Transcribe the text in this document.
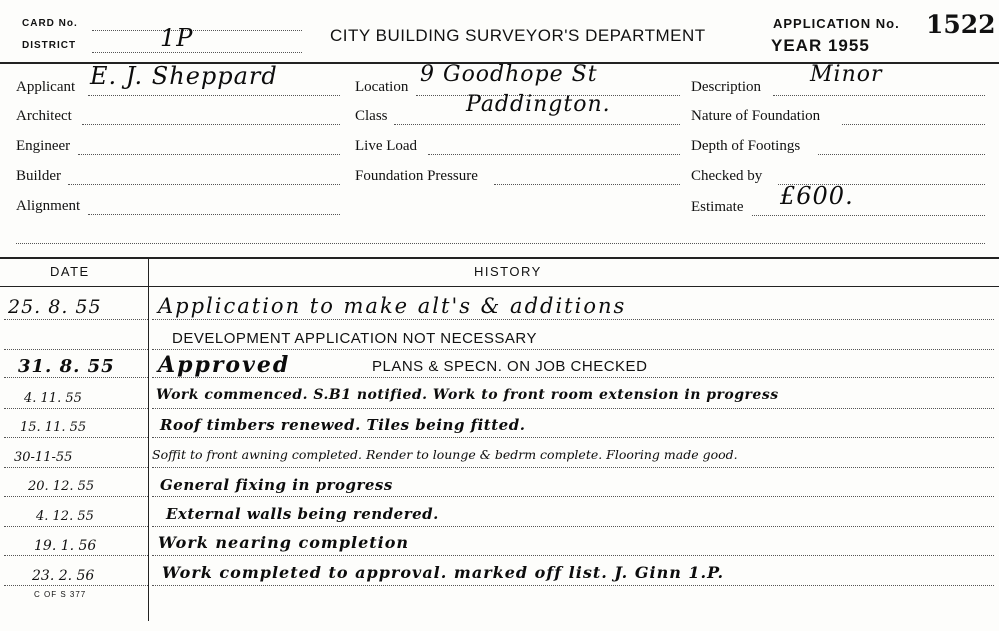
CARD No.
DISTRICT	1P	CITY BUILDING SURVEYOR'S DEPARTMENT
APPLICATION No. 1522
YEAR 1955
Applicant E. J. Sheppard
Architect
Engineer
Builder
Alignment
Location 9 Goodhope St
Class	Paddington.
Live Load
Foundation Pressure
Description Minor
Nature of Foundation
Depth of Footings
Checked by
Estimate £600.
DATE	HISTORY
25. 8. 55	Application to make alt's & additions
DEVELOPMENT APPLICATION NOT NECESSARY
31. 8. 55 Approved	PLANS & SPECN. ON JOB CHECKED
4. 11. 55	Work commenced. S.B1 notified. Work to front room extension in progress
15. 11. 55	Roof timbers renewed. Tiles being fitted.
30-11-55	Soffit to front awning completed. Render to lounge & bedrm complete. Flooring made good.
20. 12. 55	General fixing in progress
4. 12. 55	External walls being rendered.
19. 1. 56	Work nearing completion
23. 2. 56	Work completed to approval. marked off list. J. Ginn 1.P.
C OF S 377
